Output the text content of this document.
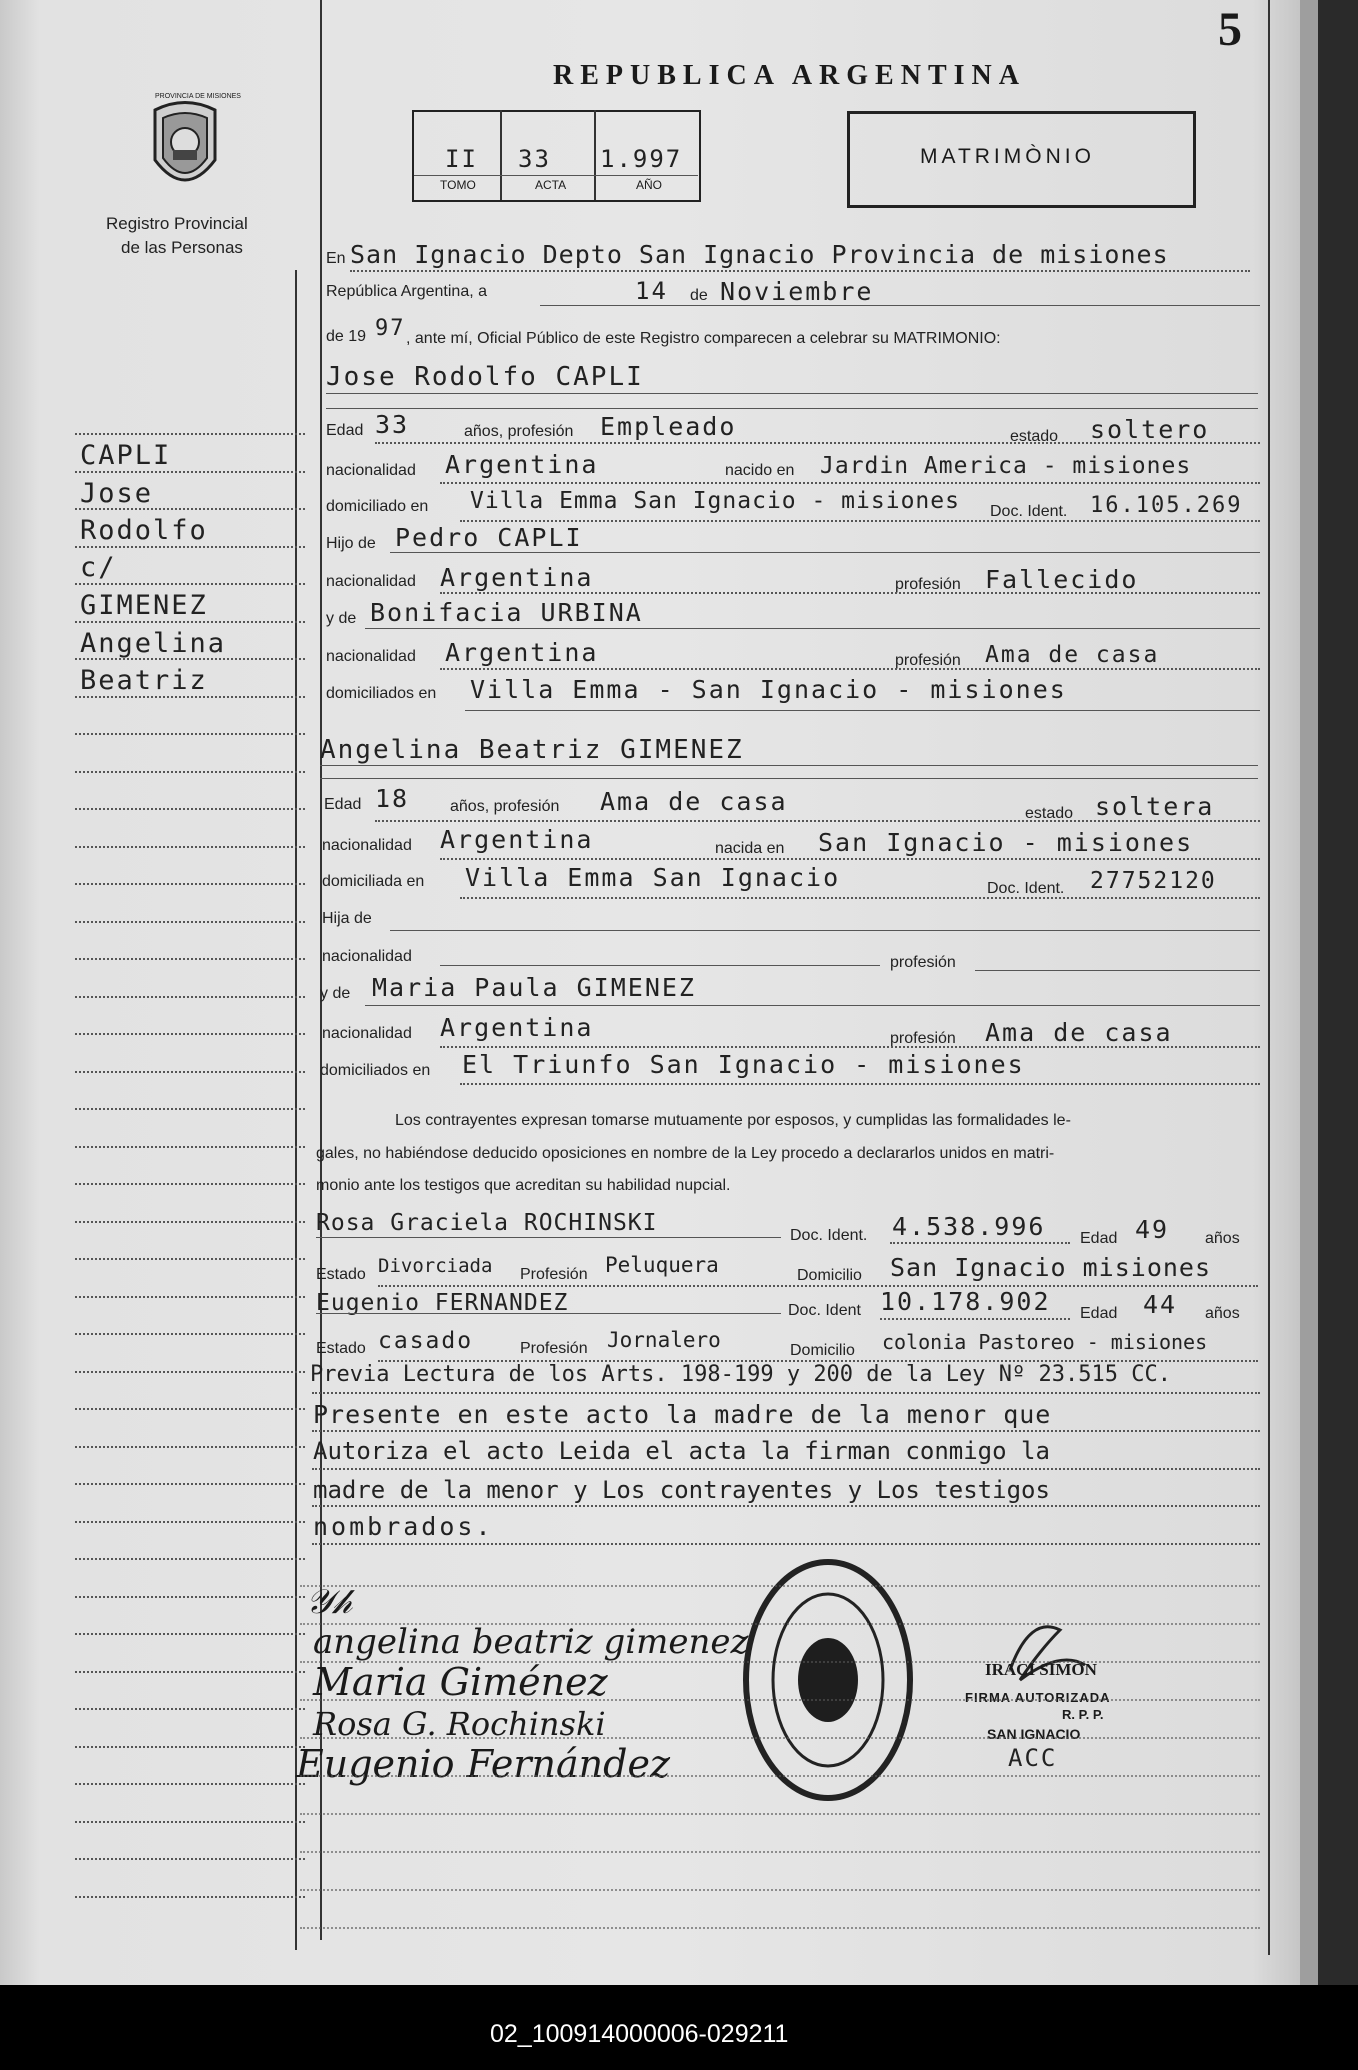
5
REPUBLICA ARGENTINA
PROVINCIA DE MISIONES
Registro Provincial
de las Personas
II 33 1.997
TOMO	ACTA	AÑO
MATRIMÒNIO
CAPLI
Jose
Rodolfo
c/
GIMENEZ
Angelina
Beatriz
En San Ignacio Depto San Ignacio Provincia de misiones
República Argentina, a	14 de Noviembre
de 19 97 , ante mí, Oficial Público de este Registro comparecen a celebrar su MATRIMONIO:
Jose Rodolfo CAPLI
Edad 33	años, profesión Empleado	estado soltero
nacionalidad Argentina	nacido en Jardin America - misiones
domiciliado en Villa Emma San Ignacio - misiones Doc. Ident. 16.105.269
Hijo de Pedro CAPLI
nacionalidad Argentina	profesión Fallecido
y de Bonifacia URBINA
nacionalidad Argentina	profesión Ama de casa
domiciliados en Villa Emma - San Ignacio - misiones
Angelina Beatriz GIMENEZ
Edad 18	años, profesión Ama de casa	estado soltera
nacionalidad Argentina	nacida en San Ignacio - misiones
domiciliada en Villa Emma San Ignacio	Doc. Ident. 27752120
Hija de
nacionalidad	profesión
y de Maria Paula GIMENEZ
nacionalidad Argentina	profesión Ama de casa
domiciliados en El Triunfo San Ignacio - misiones
Los contrayentes expresan tomarse mutuamente por esposos, y cumplidas las formalidades le-
gales, no habiéndose deducido oposiciones en nombre de la Ley procedo a declararlos unidos en matri-
monio ante los testigos que acreditan su habilidad nupcial.
Rosa Graciela ROCHINSKI	Doc. Ident. 4.538.996 Edad 49 años
Estado Divorciada Profesión Peluquera	Domicilio San Ignacio misiones
Eugenio FERNANDEZ	Doc. Ident 10.178.902 Edad 44 años
Estado casado	Profesión Jornalero	Domicilio colonia Pastoreo - misiones
Previa Lectura de los Arts. 198-199 y 200 de la Ley Nº 23.515 CC.
Presente en este acto la madre de la menor que
Autoriza el acto Leida el acta la firman conmigo la
madre de la menor y Los contrayentes y Los testigos
nombrados.
𝒴𝒽
angelina beatriz gimenez
Maria Giménez
Rosa G. Rochinski
Eugenio Fernández
IRACI SIMON
FIRMA AUTORIZADA
R. P. P.
SAN IGNACIO
ACC
02_100914000006-029211
